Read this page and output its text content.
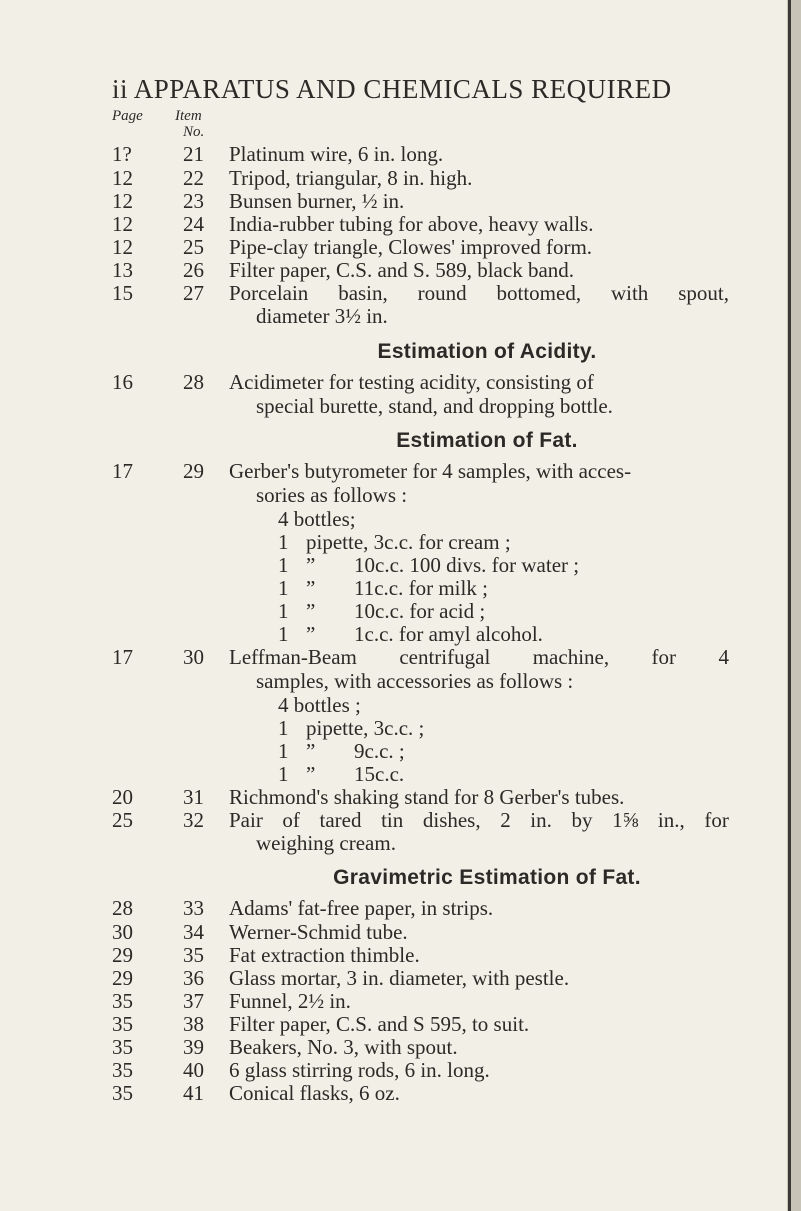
ii APPARATUS AND CHEMICALS REQUIRED
Page Item
No.
1?	21	Platinum wire, 6 in. long.
12	22	Tripod, triangular, 8 in. high.
12	23	Bunsen burner, ½ in.
12	24	India-rubber tubing for above, heavy walls.
12	25	Pipe-clay triangle, Clowes' improved form.
13	26	Filter paper, C.S. and S. 589, black band.
15	27	Porcelain basin, round bottomed, with spout,
diameter 3½ in.
Estimation of Acidity.
16	28	Acidimeter for testing acidity, consisting of
special burette, stand, and dropping bottle.
Estimation of Fat.
17	29	Gerber's butyrometer for 4 samples, with acces-
sories as follows :
4 bottles;
1 pipette, 3c.c. for cream ;
1 ” 10c.c. 100 divs. for water ;
1 ” 11c.c. for milk ;
1 ” 10c.c. for acid ;
1 ” 1c.c. for amyl alcohol.
17	30	Leffman-Beam centrifugal machine, for 4
samples, with accessories as follows :
4 bottles ;
1 pipette, 3c.c. ;
1 ” 9c.c. ;
1 ” 15c.c.
20	31	Richmond's shaking stand for 8 Gerber's tubes.
25	32	Pair of tared tin dishes, 2 in. by 1⅝ in., for
weighing cream.
Gravimetric Estimation of Fat.
28	33	Adams' fat-free paper, in strips.
30	34	Werner-Schmid tube.
29	35	Fat extraction thimble.
29	36	Glass mortar, 3 in. diameter, with pestle.
35	37	Funnel, 2½ in.
35	38	Filter paper, C.S. and S 595, to suit.
35	39	Beakers, No. 3, with spout.
35	40	6 glass stirring rods, 6 in. long.
35	41	Conical flasks, 6 oz.
